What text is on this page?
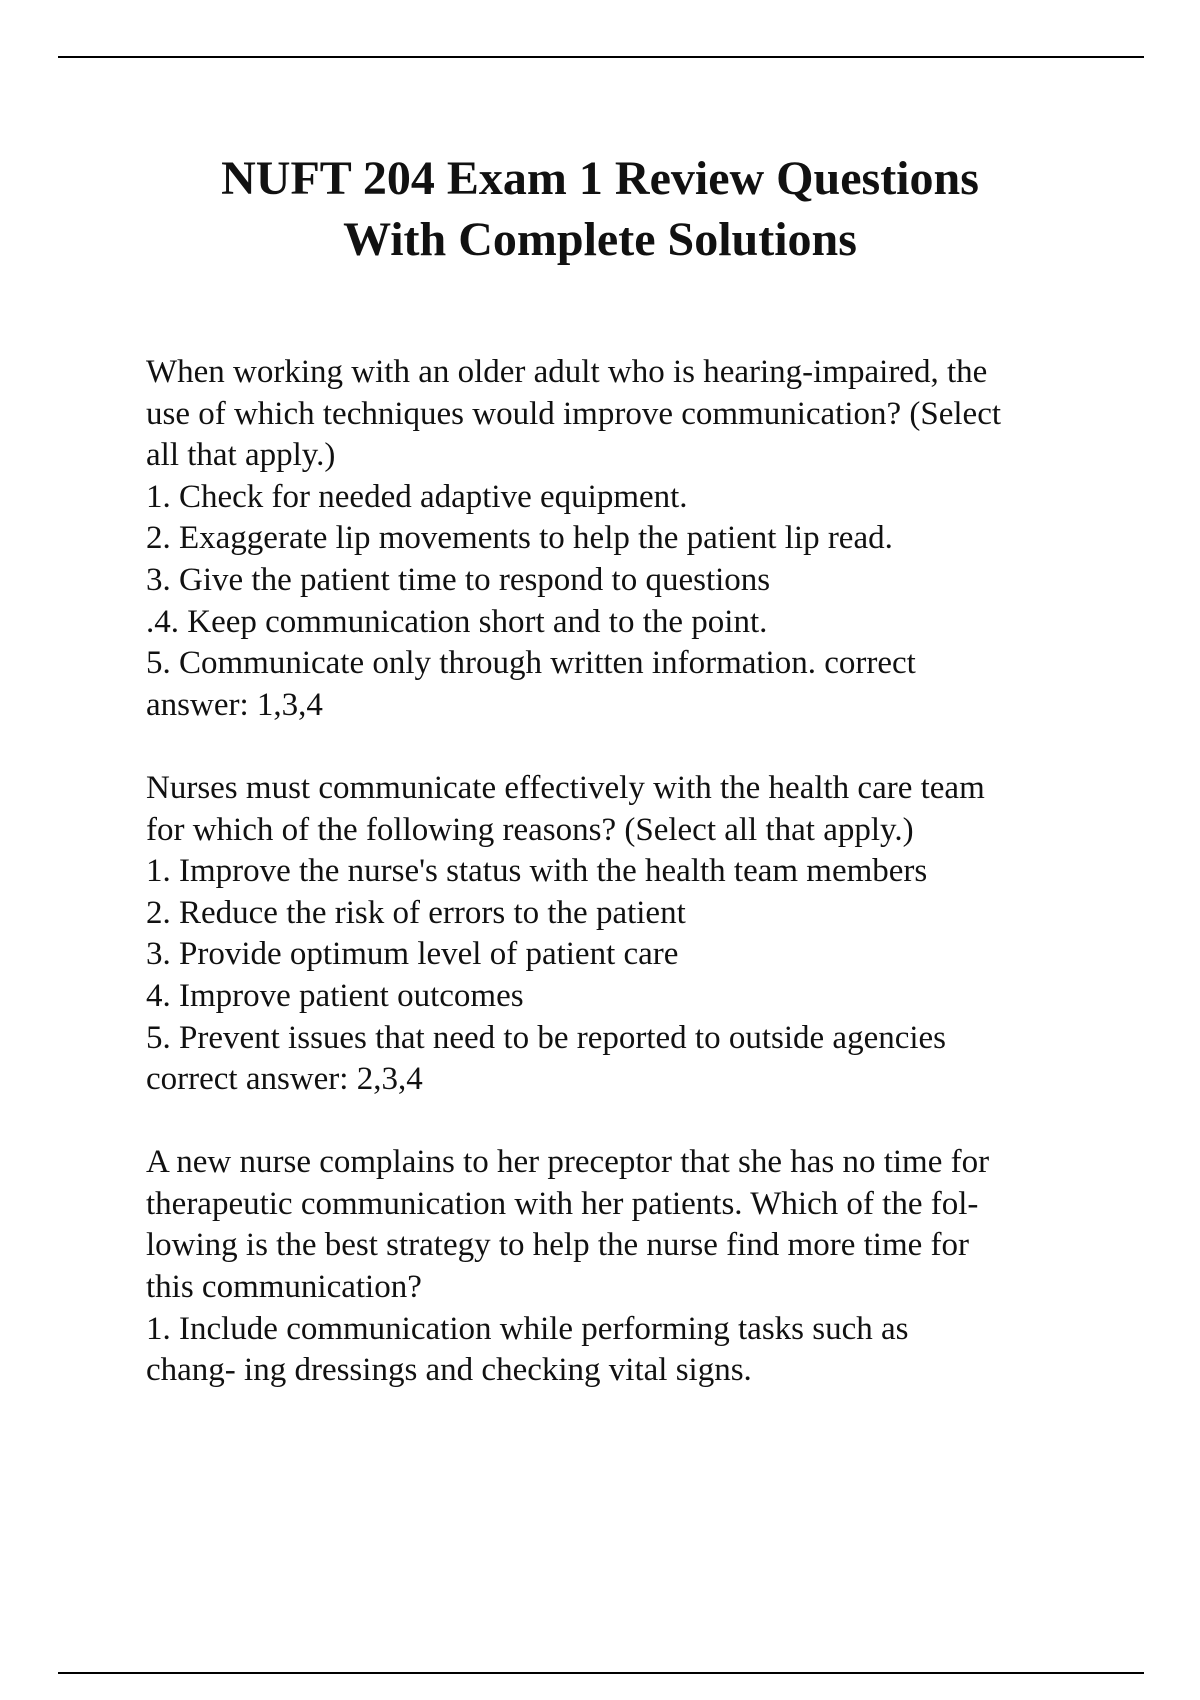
NUFT 204 Exam 1 Review Questions
With Complete Solutions
When working with an older adult who is hearing-impaired, the
use of which techniques would improve communication? (Select
all that apply.)
1. Check for needed adaptive equipment.
2. Exaggerate lip movements to help the patient lip read.
3. Give the patient time to respond to questions
.4. Keep communication short and to the point.
5. Communicate only through written information. correct
answer: 1,3,4
Nurses must communicate effectively with the health care team
for which of the following reasons? (Select all that apply.)
1. Improve the nurse's status with the health team members
2. Reduce the risk of errors to the patient
3. Provide optimum level of patient care
4. Improve patient outcomes
5. Prevent issues that need to be reported to outside agencies
correct answer: 2,3,4
A new nurse complains to her preceptor that she has no time for
therapeutic communication with her patients. Which of the fol-
lowing is the best strategy to help the nurse find more time for
this communication?
1. Include communication while performing tasks such as
chang- ing dressings and checking vital signs.
